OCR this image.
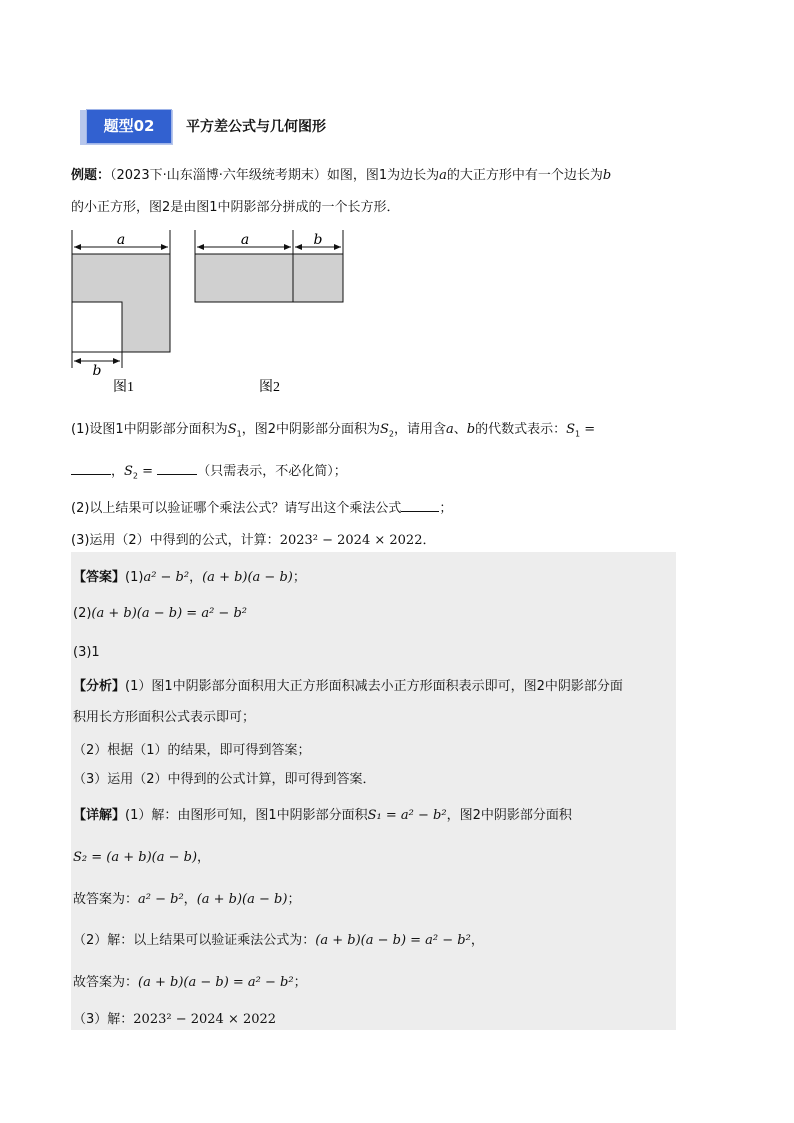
题型02	平方差公式与几何图形
例题：（2023下·山东淄博·六年级统考期末）如图，图1为边长为a的大正方形中有一个边长为b
的小正方形，图2是由图1中阴影部分拼成的一个长方形．
a
b
图1
a	b
图2
(1)设图1中阴影部分面积为$S_1$，图2中阴影部分面积为$S_2$，请用含a、b的代数式表示：$S_1$ =
，$S_2$ =	（只需表示，不必化简）；
(2)以上结果可以验证哪个乘法公式？请写出这个乘法公式	；
(3)运用（2）中得到的公式，计算：2023² − 2024 × 2022．
【答案】(1)a² − b²，(a + b)(a − b)；
(2)(a + b)(a − b) = a² − b²
(3)1
【分析】(1）图1中阴影部分面积用大正方形面积减去小正方形面积表示即可，图2中阴影部分面
积用长方形面积公式表示即可；
（2）根据（1）的结果，即可得到答案；
（3）运用（2）中得到的公式计算，即可得到答案．
【详解】(1）解：由图形可知，图1中阴影部分面积S₁ = a² − b²，图2中阴影部分面积
S₂ = (a + b)(a − b)，
故答案为：a² − b²，(a + b)(a − b)；
（2）解：以上结果可以验证乘法公式为：(a + b)(a − b) = a² − b²，
故答案为：(a + b)(a − b) = a² − b²；
（3）解：2023² − 2024 × 2022
